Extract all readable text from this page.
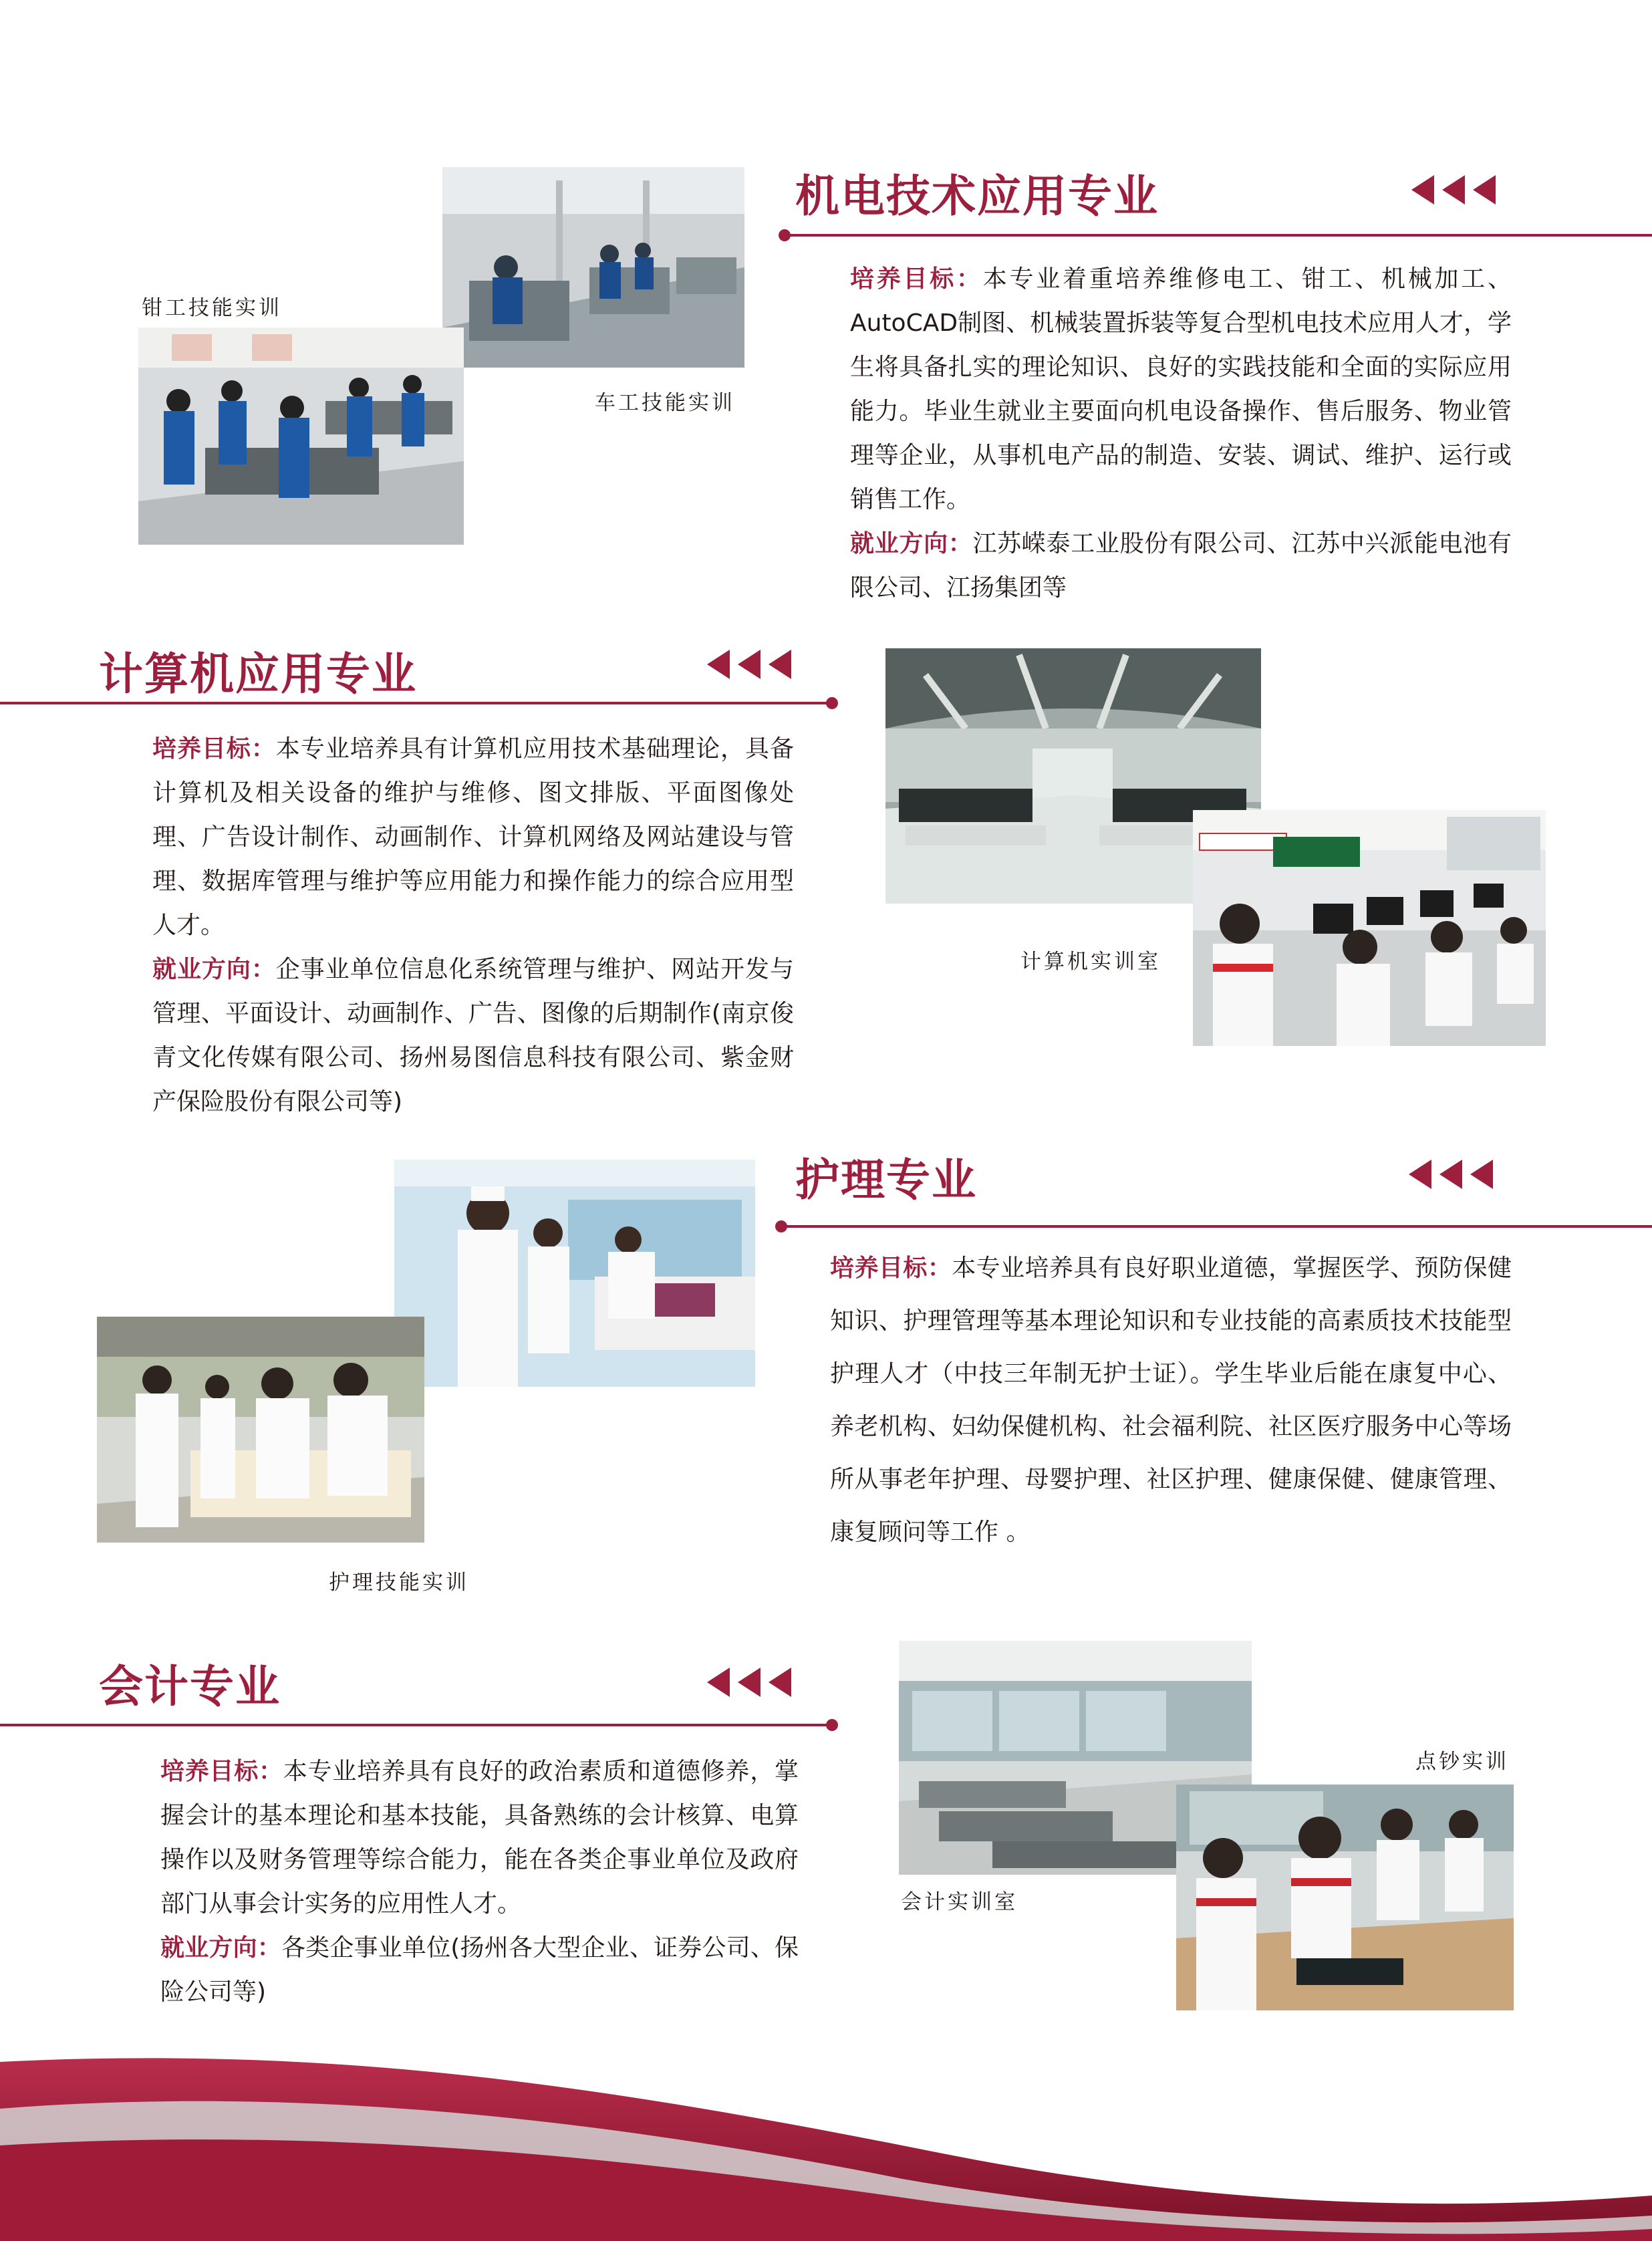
机电技术应用专业

培养目标：本专业着重培养维修电工、钳工、机械加工、AutoCAD制图、机械装置拆装等复合型机电技术应用人才，学生将具备扎实的理论知识、良好的实践技能和全面的实际应用能力。毕业生就业主要面向机电设备操作、售后服务、物业管理等企业，从事机电产品的制造、安装、调试、维护、运行或销售工作。

就业方向：江苏嵘泰工业股份有限公司、江苏中兴派能电池有限公司、江扬集团等

钳工技能实训
车工技能实训
计算机应用专业

培养目标：本专业培养具有计算机应用技术基础理论，具备计算机及相关设备的维护与维修、图文排版、平面图像处理、广告设计制作、动画制作、计算机网络及网站建设与管理、数据库管理与维护等应用能力和操作能力的综合应用型人才。

就业方向：企事业单位信息化系统管理与维护、网站开发与管理、平面设计、动画制作、广告、图像的后期制作(南京俊青文化传媒有限公司、扬州易图信息科技有限公司、紫金财产保险股份有限公司等)

计算机实训室
护理专业

培养目标：本专业培养具有良好职业道德，掌握医学、预防保健知识、护理管理等基本理论知识和专业技能的高素质技术技能型护理人才（中技三年制无护士证）。学生毕业后能在康复中心、养老机构、妇幼保健机构、社会福利院、社区医疗服务中心等场所从事老年护理、母婴护理、社区护理、健康保健、健康管理、康复顾问等工作 。

护理技能实训
会计专业

培养目标：本专业培养具有良好的政治素质和道德修养，掌握会计的基本理论和基本技能，具备熟练的会计核算、电算操作以及财务管理等综合能力，能在各类企事业单位及政府部门从事会计实务的应用性人才。

就业方向：各类企事业单位(扬州各大型企业、证券公司、保险公司等)

点钞实训
会计实训室
